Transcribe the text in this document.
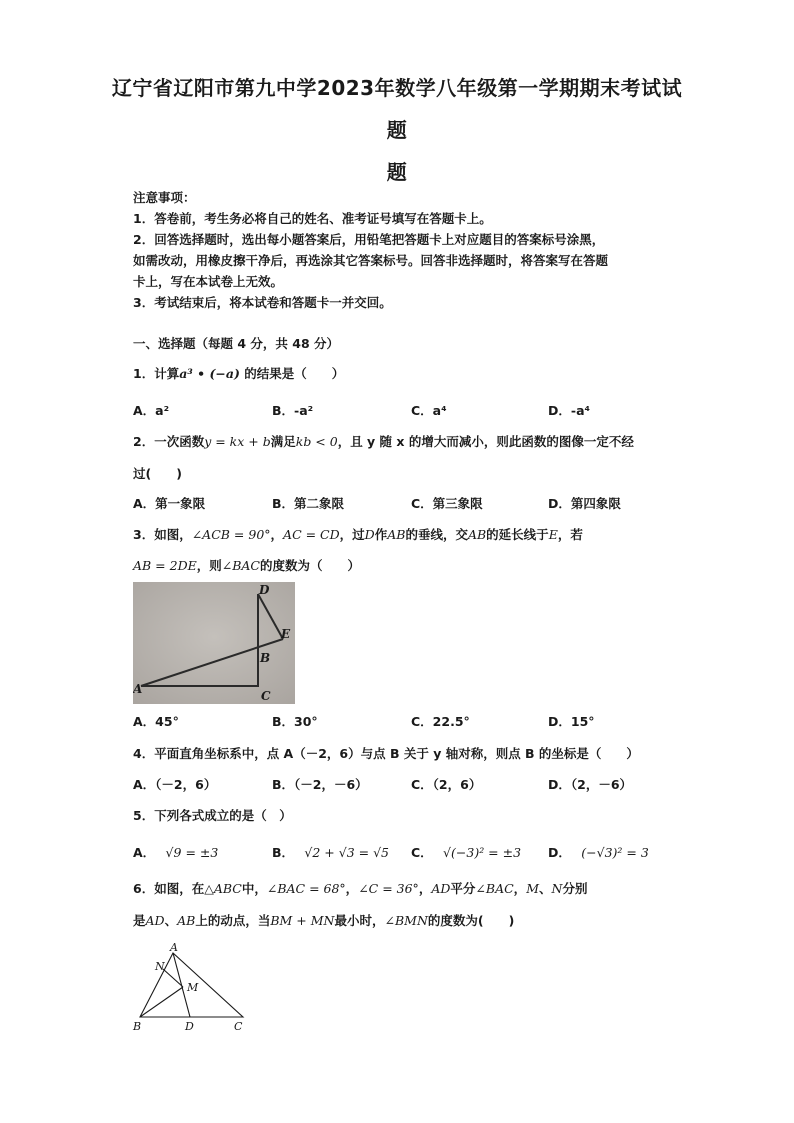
辽宁省辽阳市第九中学2023年数学八年级第一学期期末考试试
题
题
注意事项：
1．答卷前，考生务必将自己的姓名、准考证号填写在答题卡上。
2．回答选择题时，选出每小题答案后，用铅笔把答题卡上对应题目的答案标号涂黑，
如需改动，用橡皮擦干净后，再选涂其它答案标号。回答非选择题时，将答案写在答题
卡上，写在本试卷上无效。
3．考试结束后，将本试卷和答题卡一并交回。
一、选择题（每题 4 分，共 48 分）
1．计算a³ • (−a) 的结果是（　　）
A．a²	B．-a²	C．a⁴	D．-a⁴
2．一次函数y = kx + b满足kb < 0，且 y 随 x 的增大而减小，则此函数的图像一定不经
过(　　)
A．第一象限	B．第二象限	C．第三象限	D．第四象限
3．如图，∠ACB = 90°，AC = CD，过D作AB的垂线，交AB的延长线于E，若
AB = 2DE，则∠BAC的度数为（　　）
A
B
C
D
E
A．45°	B．30°	C．22.5°	D．15°
4．平面直角坐标系中，点 A（－2，6）与点 B 关于 y 轴对称，则点 B 的坐标是（　　）
A．（－2，6）	B．（－2，－6）	C．（2，6）	D．（2，－6）
5．下列各式成立的是（　）
A． √9 = ±3	B． √2 + √3 = √5 C． √(−3)² = ±3 D． (−√3)² = 3
6．如图，在△ABC中，∠BAC = 68°，∠C = 36°，AD平分∠BAC，M、N分别
是AD、AB上的动点，当BM + MN最小时，∠BMN的度数为(　　)
A
N
M
B	D	C
